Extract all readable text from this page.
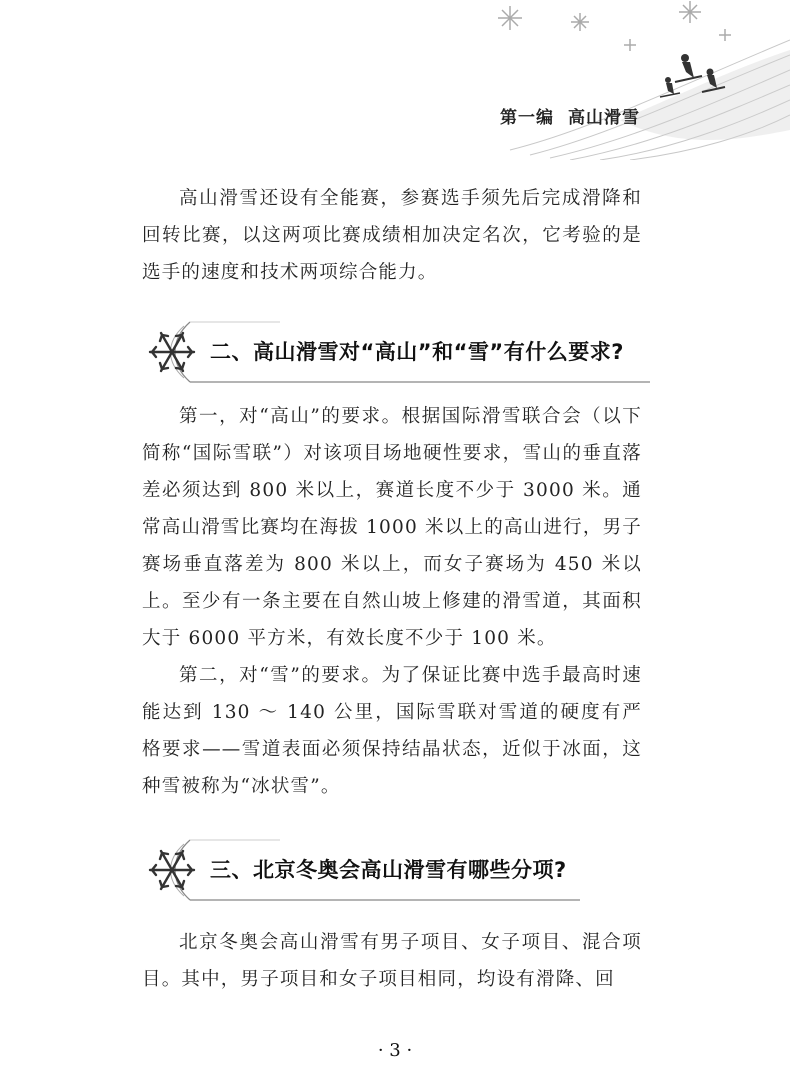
第一编 高山滑雪

高山滑雪还设有全能赛，参赛选手须先后完成滑降和回转比赛，以这两项比赛成绩相加决定名次，它考验的是选手的速度和技术两项综合能力。

二、高山滑雪对“高山”和“雪”有什么要求?

第一，对“高山”的要求。根据国际滑雪联合会（以下简称“国际雪联”）对该项目场地硬性要求，雪山的垂直落差必须达到 800 米以上，赛道长度不少于 3000 米。通常高山滑雪比赛均在海拔 1000 米以上的高山进行，男子赛场垂直落差为 800 米以上，而女子赛场为 450 米以上。至少有一条主要在自然山坡上修建的滑雪道，其面积大于 6000 平方米，有效长度不少于 100 米。

第二，对“雪”的要求。为了保证比赛中选手最高时速能达到 130 ～ 140 公里，国际雪联对雪道的硬度有严格要求——雪道表面必须保持结晶状态，近似于冰面，这种雪被称为“冰状雪”。

三、北京冬奥会高山滑雪有哪些分项?

北京冬奥会高山滑雪有男子项目、女子项目、混合项目。其中，男子项目和女子项目相同，均设有滑降、回

· 3 ·
